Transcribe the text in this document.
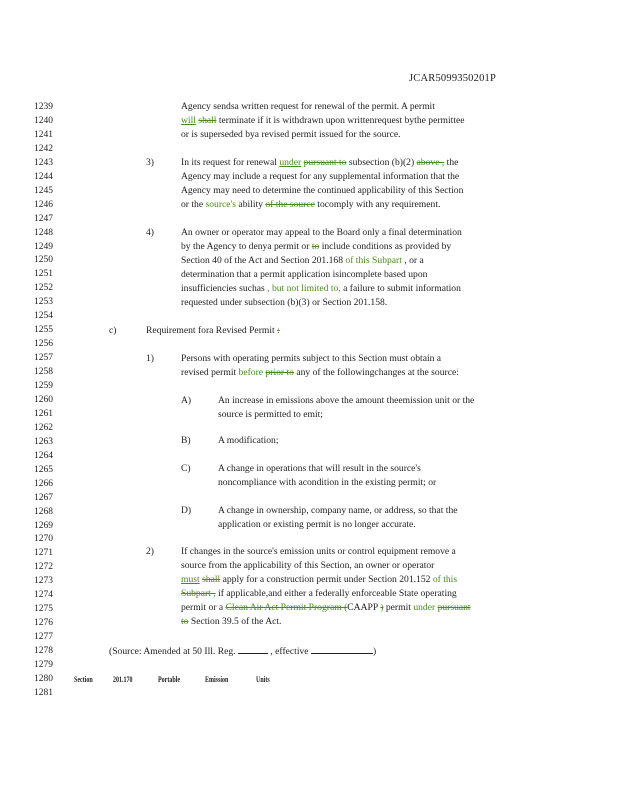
JCAR5099350201P
1239
1240
1241
1242
1243
1244
1245
1246
1247
1248
1249
1250
1251
1252
1253
1254
1255
1256
1257
1258
1259
1260
1261
1262
1263
1264
1265
1266
1267
1268
1269
1270
1271
1272
1273
1274
1275
1276
1277
1278
1279
1280
1281
Agency sendsa written request for renewal of the permit. A permit
will shall terminate if it is withdrawn upon writtenrequest bythe permittee
or is superseded bya revised permit issued for the source.
3)	In its request for renewal under pursuant to subsection (b)(2) above , the
Agency may include a request for any supplemental information that the
Agency may need to determine the continued applicability of this Section
or the source's ability of the source tocomply with any requirement.
4)	An owner or operator may appeal to the Board only a final determination
by the Agency to denya permit or to include conditions as provided by
Section 40 of the Act and Section 201.168 of this Subpart , or a
determination that a permit application isincomplete based upon
insufficiencies suchas , but not limited to, a failure to submit information
requested under subsection (b)(3) or Section 201.158.
c)	Requirement fora Revised Permit :
1)	Persons with operating permits subject to this Section must obtain a
revised permit before prior to any of the followingchanges at the source:
A)	An increase in emissions above the amount theemission unit or the
source is permitted to emit;
B)	A modification;
C)	A change in operations that will result in the source's
noncompliance with acondition in the existing permit; or
D)	A change in ownership, company name, or address, so that the
application or existing permit is no longer accurate.
2)	If changes in the source's emission units or control equipment remove a
source from the applicability of this Section, an owner or operator
must shall apply for a construction permit under Section 201.152 of this
Subpart , if applicable,and either a federally enforceable State operating
permit or a Clean Air Act Permit Program (CAAPP ) permit under pursuant
to Section 39.5 of the Act.
(Source: Amended at 50 Ill. Reg.	, effective	)
Section	201.170	Portable	Emission	Units
